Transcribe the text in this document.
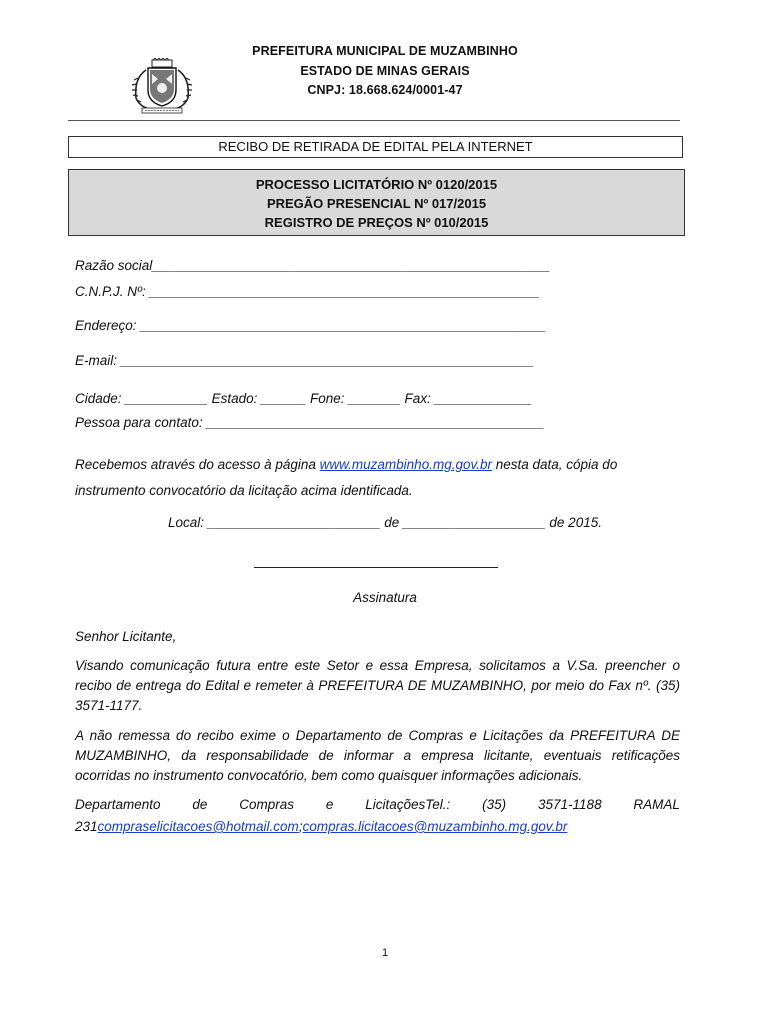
PREFEITURA MUNICIPAL DE MUZAMBINHO
ESTADO DE MINAS GERAIS
CNPJ: 18.668.624/0001-47
RECIBO DE RETIRADA DE EDITAL PELA INTERNET
PROCESSO LICITATÓRIO Nº 0120/2015
PREGÃO PRESENCIAL Nº 017/2015
REGISTRO DE PREÇOS Nº 010/2015
Razão social_____________________________________________________
C.N.P.J. Nº: ____________________________________________________
Endereço: ______________________________________________________
E-mail: _______________________________________________________
Cidade: ___________ Estado: ______ Fone: _______ Fax: _____________
Pessoa para contato: _____________________________________________
Recebemos através do acesso à página www.muzambinho.mg.gov.br nesta data, cópia do instrumento convocatório da licitação acima identificada.
Local: _______________________ de ___________________ de 2015.
Assinatura
Senhor Licitante,
Visando comunicação futura entre este Setor e essa Empresa, solicitamos a V.Sa. preencher o recibo de entrega do Edital e remeter à PREFEITURA DE MUZAMBINHO, por meio do Fax nº. (35) 3571-1177.
A não remessa do recibo exime o Departamento de Compras e Licitações da PREFEITURA DE MUZAMBINHO, da responsabilidade de informar a empresa licitante, eventuais retificações ocorridas no instrumento convocatório, bem como quaisquer informações adicionais.
Departamento de Compras e LicitaçõesTel.: (35) 3571-1188 RAMAL
231compraselicitacoes@hotmail.com;compras.licitacoes@muzambinho.mg.gov.br
1
